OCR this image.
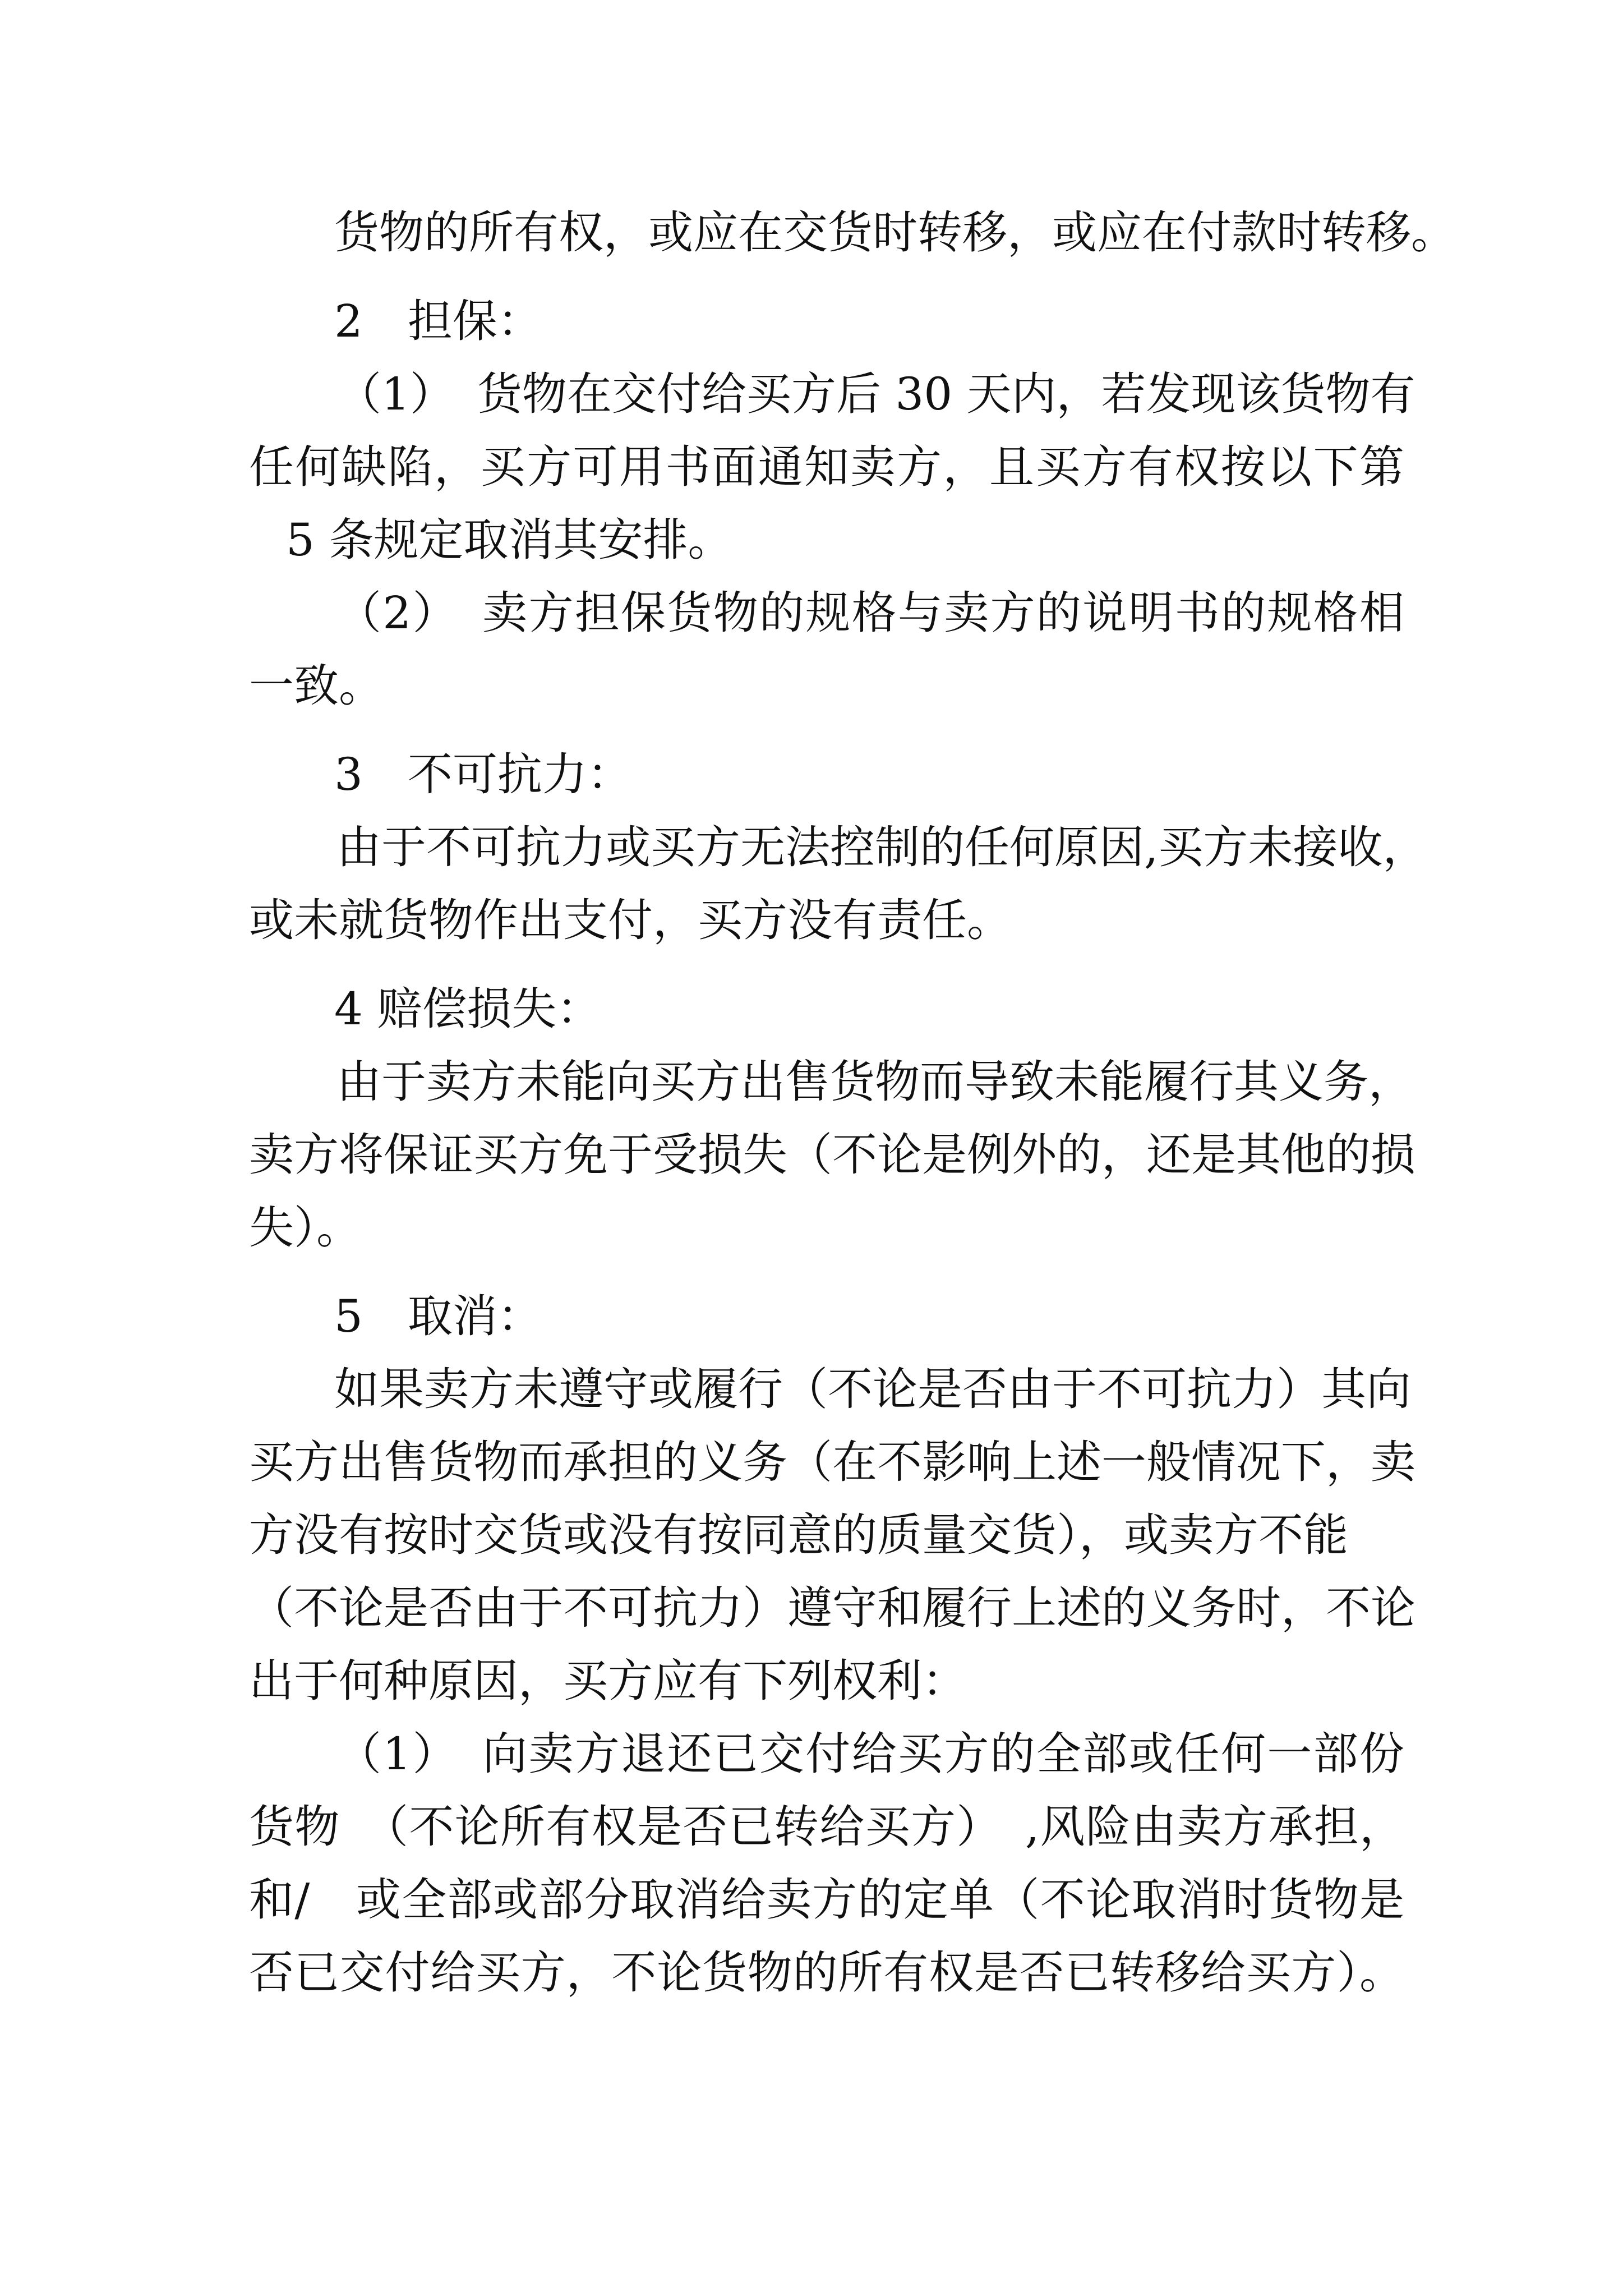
货物的所有权，或应在交货时转移，或应在付款时转移。
2　担保：
（1）　货物在交付给买方后 30 天内，若发现该货物有
任何缺陷，买方可用书面通知卖方，且买方有权按以下第
5 条规定取消其安排。
（2）　卖方担保货物的规格与卖方的说明书的规格相
一致。
3　不可抗力：
由于不可抗力或买方无法控制的任何原因,买方未接收，
或未就货物作出支付，买方没有责任。
4 赔偿损失：
由于卖方未能向买方出售货物而导致未能履行其义务，
卖方将保证买方免于受损失（不论是例外的，还是其他的损
失）。
5　取消：
如果卖方未遵守或履行（不论是否由于不可抗力）其向
买方出售货物而承担的义务（在不影响上述一般情况下，卖
方没有按时交货或没有按同意的质量交货），或卖方不能
（不论是否由于不可抗力）遵守和履行上述的义务时，不论
出于何种原因，买方应有下列权利：
（1）　向卖方退还已交付给买方的全部或任何一部份
货物　（不论所有权是否已转给买方）　,风险由卖方承担，
和/　或全部或部分取消给卖方的定单（不论取消时货物是
否已交付给买方，不论货物的所有权是否已转移给买方）。
